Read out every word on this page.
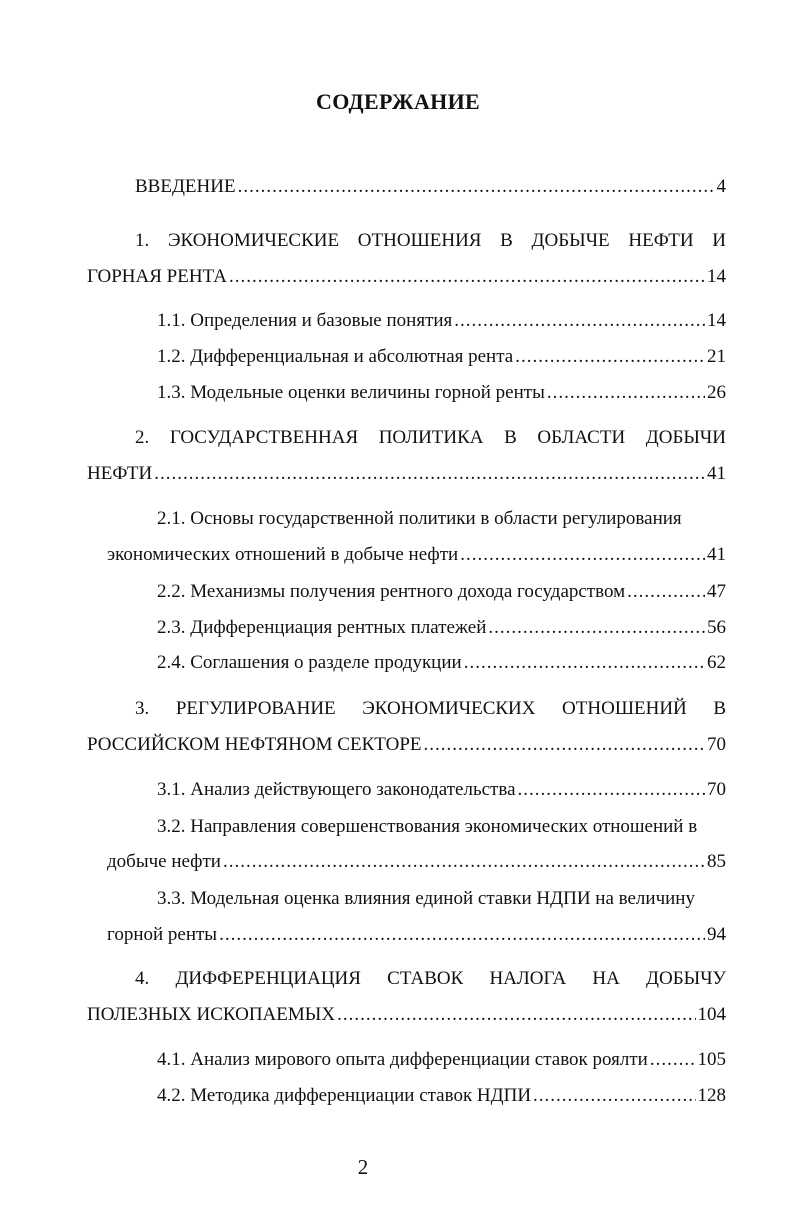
СОДЕРЖАНИЕ
ВВЕДЕНИЕ .....	4
1. ЭКОНОМИЧЕСКИЕ ОТНОШЕНИЯ В ДОБЫЧЕ НЕФТИ И
ГОРНАЯ РЕНТА .....	14
1.1. Определения и базовые понятия .....	14
1.2. Дифференциальная и абсолютная рента .....	21
1.3. Модельные оценки величины горной ренты .....	26
2. ГОСУДАРСТВЕННАЯ ПОЛИТИКА В ОБЛАСТИ ДОБЫЧИ
НЕФТИ .....	41
2.1. Основы государственной политики в области регулирования
экономических отношений в добыче нефти .....	41
2.2. Механизмы получения рентного дохода государством .....	47
2.3. Дифференциация рентных платежей .....	56
2.4. Соглашения о разделе продукции .....	62
3. РЕГУЛИРОВАНИЕ ЭКОНОМИЧЕСКИХ ОТНОШЕНИЙ В
РОССИЙСКОМ НЕФТЯНОМ СЕКТОРЕ .....	70
3.1. Анализ действующего законодательства .....	70
3.2. Направления совершенствования экономических отношений в
добыче нефти .....	85
3.3. Модельная оценка влияния единой ставки НДПИ на величину
горной ренты .....	94
4. ДИФФЕРЕНЦИАЦИЯ СТАВОК НАЛОГА НА ДОБЫЧУ
ПОЛЕЗНЫХ ИСКОПАЕМЫХ .....	104
4.1. Анализ мирового опыта дифференциации ставок роялти .....	105
4.2. Методика дифференциации ставок НДПИ .....	128
2
